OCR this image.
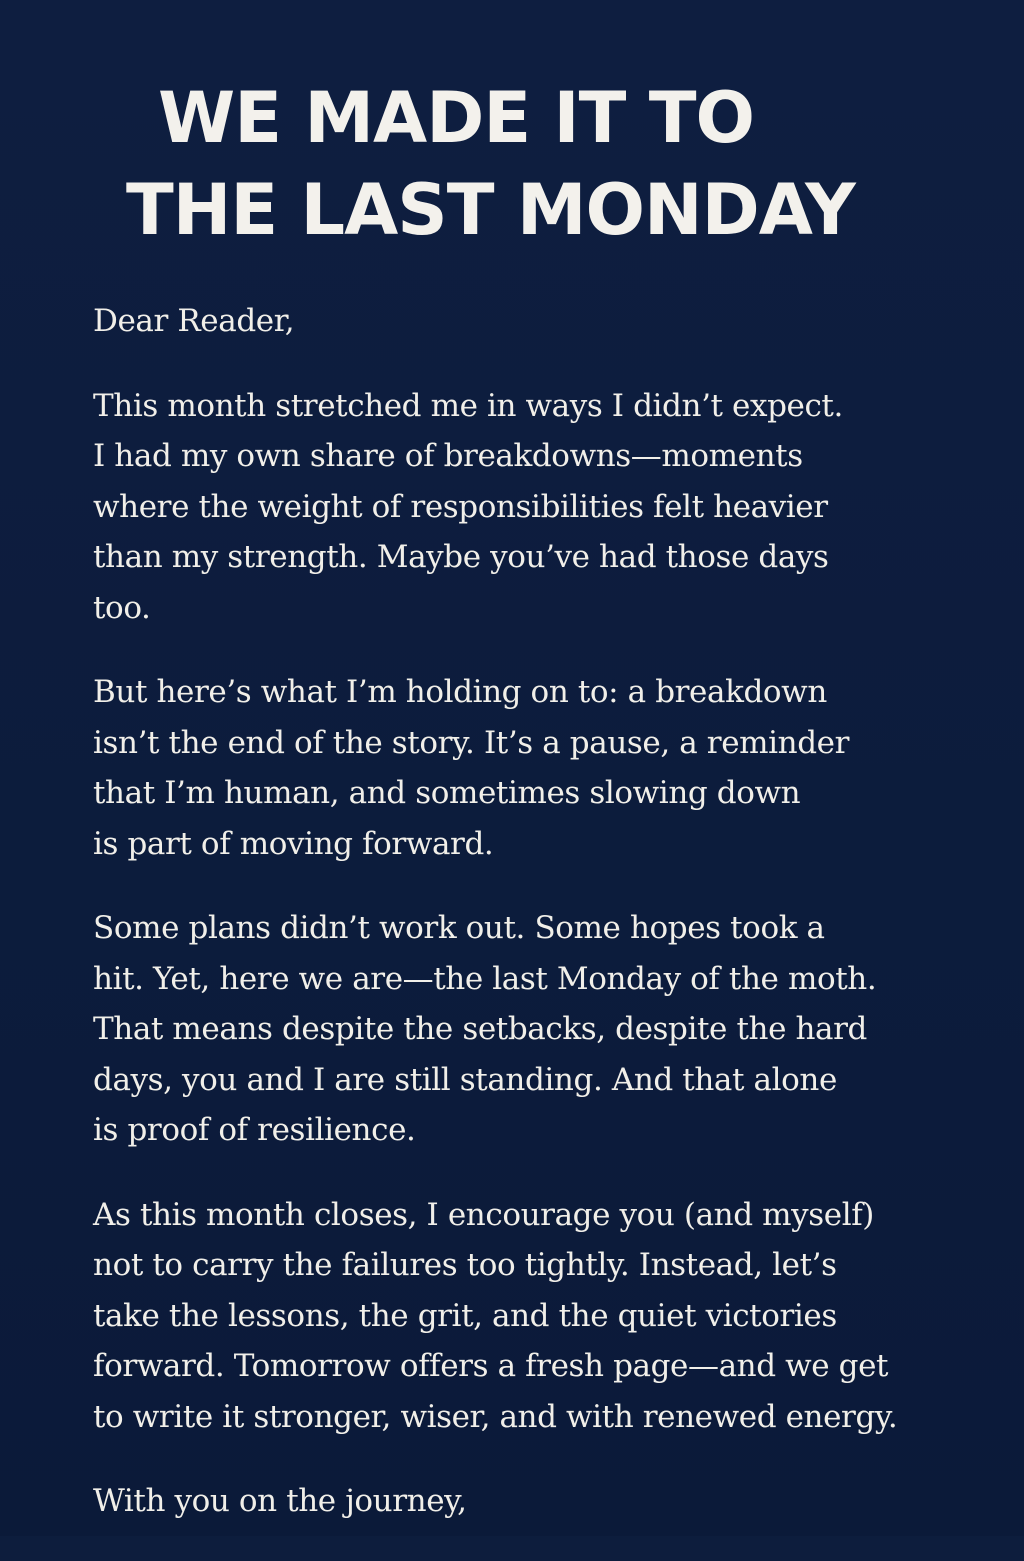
WE MADE IT TO
THE LAST MONDAY
Dear Reader,
This month stretched me in ways I didn’t expect.
I had my own share of breakdowns—moments
where the weight of responsibilities felt heavier
than my strength. Maybe you’ve had those days
too.
But here’s what I’m holding on to: a breakdown
isn’t the end of the story. It’s a pause, a reminder
that I’m human, and sometimes slowing down
is part of moving forward.
Some plans didn’t work out. Some hopes took a
hit. Yet, here we are—the last Monday of the moth.
That means despite the setbacks, despite the hard
days, you and I are still standing. And that alone
is proof of resilience.
As this month closes, I encourage you (and myself)
not to carry the failures too tightly. Instead, let’s
take the lessons, the grit, and the quiet victories
forward. Tomorrow offers a fresh page—and we get
to write it stronger, wiser, and with renewed energy.
With you on the journey,
